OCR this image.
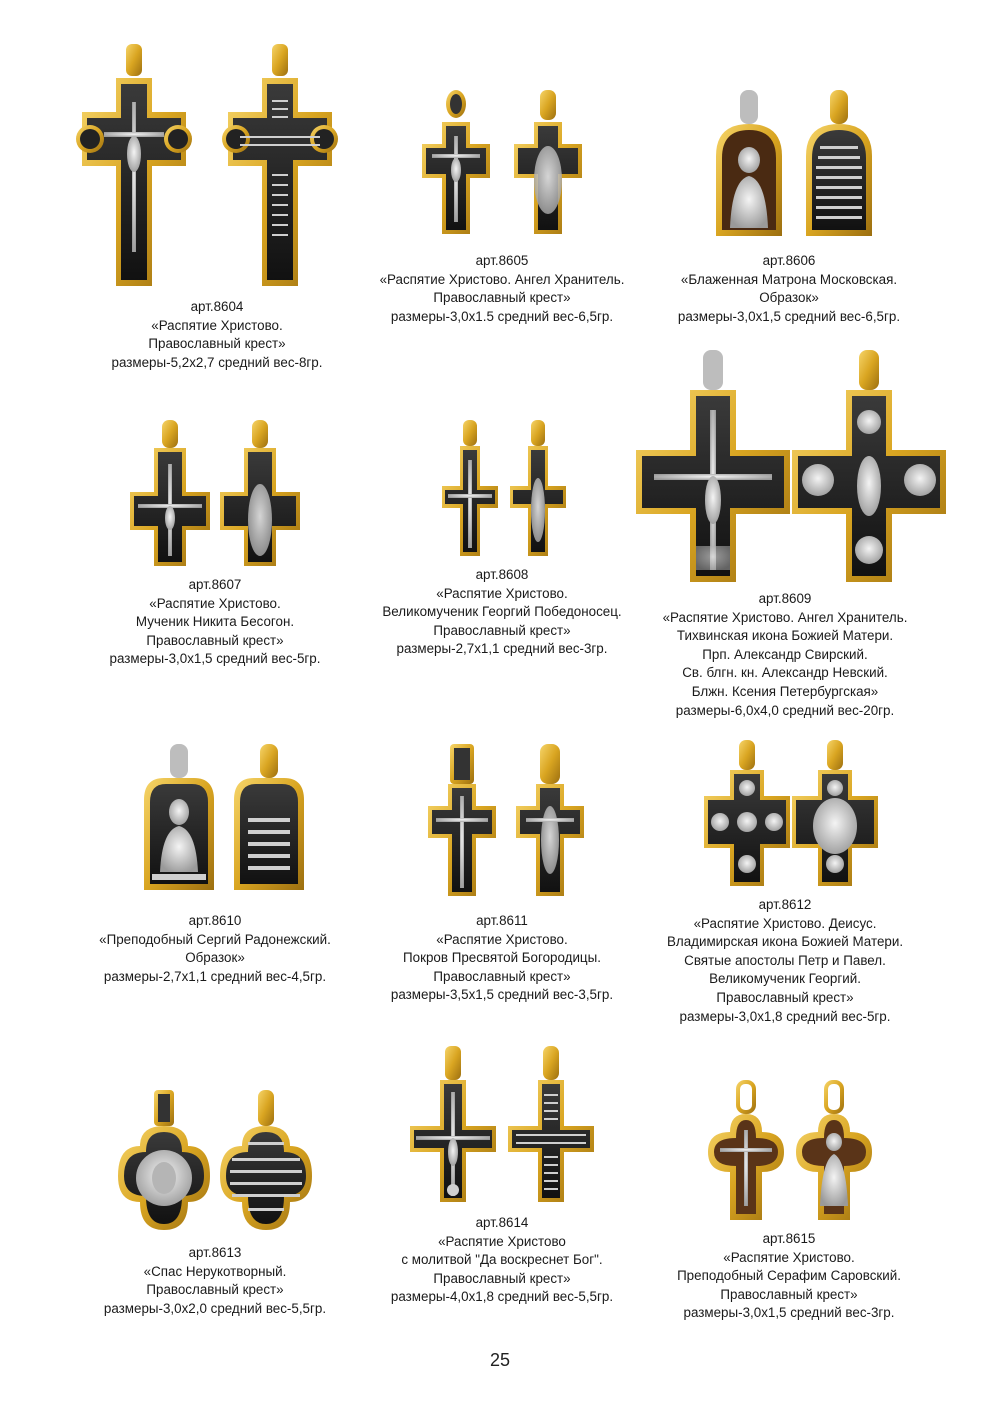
арт.8604
«Распятие Христово.
Православный крест»
размеры-5,2х2,7 средний вес-8гр.
арт.8605
«Распятие Христово. Ангел Хранитель.
Православный крест»
размеры-3,0х1.5 средний вес-6,5гр.
арт.8606
«Блаженная Матрона Московская.
Образок»
размеры-3,0х1,5 средний вес-6,5гр.
арт.8607
«Распятие Христово.
Мученик Никита Бесогон.
Православный крест»
размеры-3,0х1,5 средний вес-5гр.
арт.8608
«Распятие Христово.
Великомученик Георгий Победоносец.
Православный крест»
размеры-2,7х1,1 средний вес-3гр.
арт.8609
«Распятие Христово. Ангел Хранитель.
Тихвинская икона Божией Матери.
Прп. Александр Свирский.
Св. блгн. кн. Александр Невский.
Блжн. Ксения Петербургская»
размеры-6,0х4,0 средний вес-20гр.
арт.8610
«Преподобный Сергий Радонежский.
Образок»
размеры-2,7х1,1 средний вес-4,5гр.
арт.8611
«Распятие Христово.
Покров Пресвятой Богородицы.
Православный крест»
размеры-3,5х1,5 средний вес-3,5гр.
арт.8612
«Распятие Христово. Деисус.
Владимирская икона Божией Матери.
Святые апостолы Петр и Павел.
Великомученик Георгий.
Православный крест»
размеры-3,0х1,8 средний вес-5гр.
арт.8613
«Спас Нерукотворный.
Православный крест»
размеры-3,0х2,0 средний вес-5,5гр.
арт.8614
«Распятие Христово
с молитвой "Да воскреснет Бог".
Православный крест»
размеры-4,0х1,8 средний вес-5,5гр.
арт.8615
«Распятие Христово.
Преподобный Серафим Саровский.
Православный крест»
размеры-3,0х1,5 средний вес-3гр.
25
